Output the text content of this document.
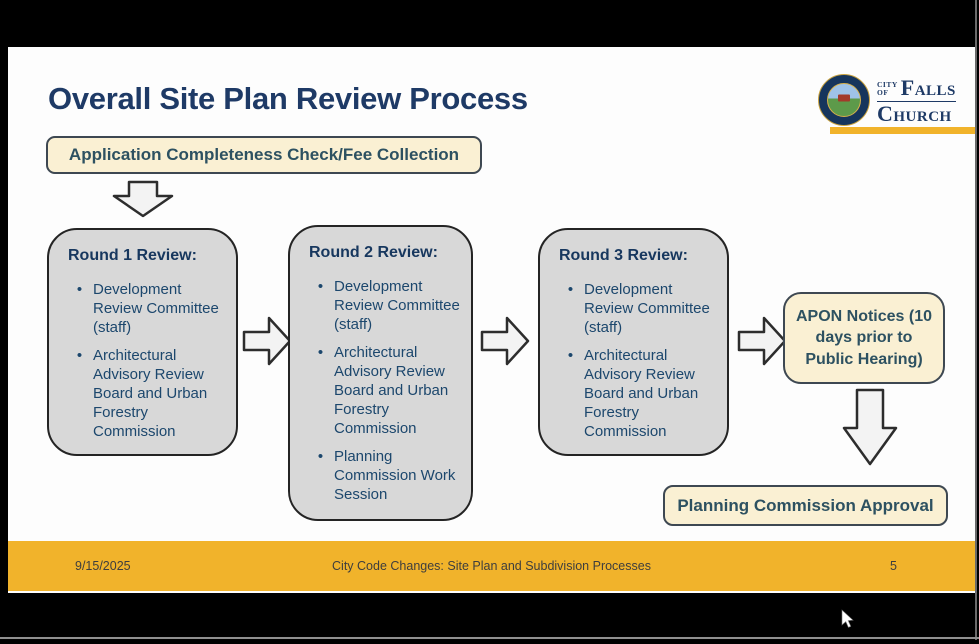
Overall Site Plan Review Process	CITY
OF Falls
Church
Application Completeness Check/Fee Collection
Round 1 Review:
• Development Review Committee (staff)
• Architectural Advisory Review Board and Urban Forestry Commission
Round 2 Review:
• Development Review Committee (staff)
• Architectural Advisory Review Board and Urban Forestry Commission
• Planning Commission Work Session
Round 3 Review:
• Development Review Committee (staff)
• Architectural Advisory Review Board and Urban Forestry Commission
APON Notices (10 days prior to Public Hearing)
Planning Commission Approval
9/15/2025	City Code Changes: Site Plan and Subdivision Processes	5
